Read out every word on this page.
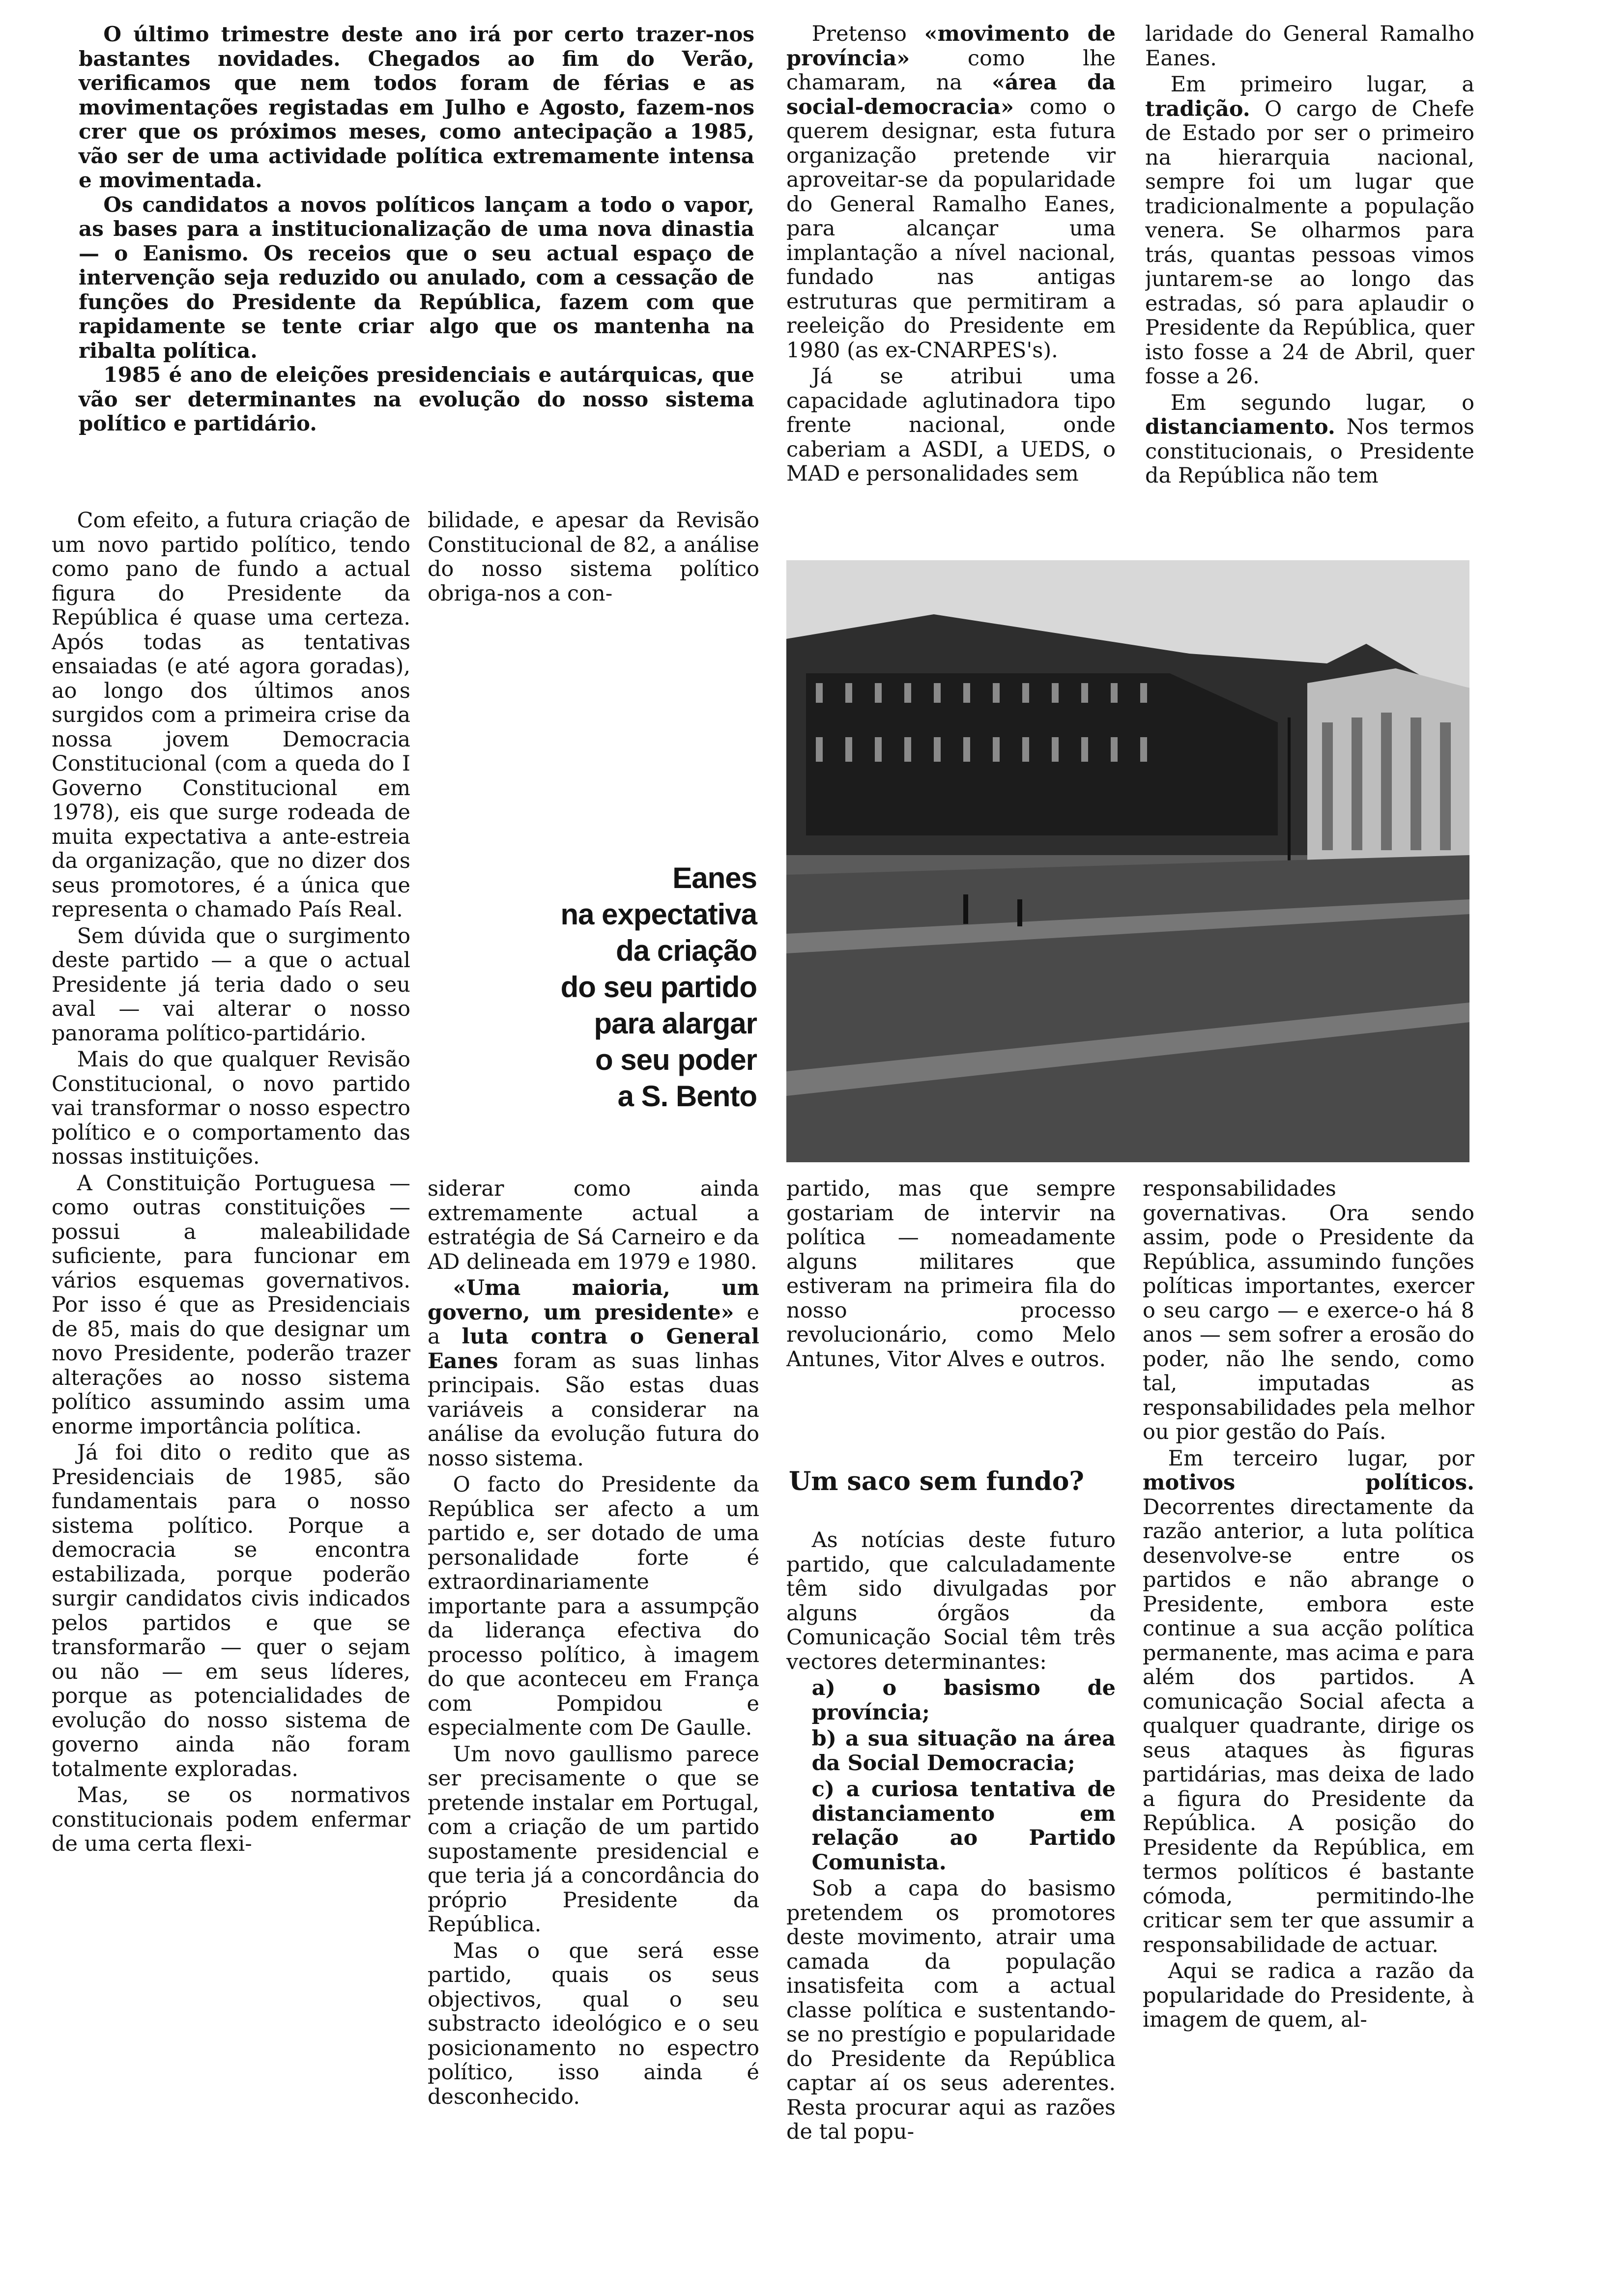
O último trimestre deste ano irá por certo trazer-nos bastantes novidades. Chegados ao fim do Verão, verificamos que nem todos foram de férias e as movimentações registadas em Julho e Agosto, fazem-nos crer que os próximos meses, como antecipação a 1985, vão ser de uma actividade política extremamente intensa e movimentada.

Os candidatos a novos políticos lançam a todo o vapor, as bases para a institucionalização de uma nova dinastia — o Eanismo. Os receios que o seu actual espaço de intervenção seja reduzido ou anulado, com a cessação de funções do Presidente da República, fazem com que rapidamente se tente criar algo que os mantenha na ribalta política.

1985 é ano de eleições presidenciais e autárquicas, que vão ser determinantes na evolução do nosso sistema político e partidário.

Eanes
na expectativa
da criação
do seu partido
para alargar
o seu poder
a S. Bento

Com efeito, a futura criação de um novo partido político, tendo como pano de fundo a actual figura do Presidente da República é quase uma certeza. Após todas as tentativas ensaiadas (e até agora goradas), ao longo dos últimos anos surgidos com a primeira crise da nossa jovem Democracia Constitucional (com a queda do I Governo Constitucional em 1978), eis que surge rodeada de muita expectativa a ante-estreia da organização, que no dizer dos seus promotores, é a única que representa o chamado País Real.

Sem dúvida que o surgimento deste partido — a que o actual Presidente já teria dado o seu aval — vai alterar o nosso panorama político-partidário.

Mais do que qualquer Revisão Constitucional, o novo partido vai transformar o nosso espectro político e o comportamento das nossas instituições.

A Constituição Portuguesa — como outras constituições — possui a maleabilidade suficiente, para funcionar em vários esquemas governativos. Por isso é que as Presidenciais de 85, mais do que designar um novo Presidente, poderão trazer alterações ao nosso sistema político assumindo assim uma enorme importância política.

Já foi dito o redito que as Presidenciais de 1985, são fundamentais para o nosso sistema político. Porque a democracia se encontra estabilizada, porque poderão surgir candidatos civis indicados pelos partidos e que se transformarão — quer o sejam ou não — em seus líderes, porque as potencialidades de evolução do nosso sistema de governo ainda não foram totalmente exploradas.

Mas, se os normativos constitucionais podem enfermar de uma certa flexi-

bilidade, e apesar da Revisão Constitucional de 82, a análise do nosso sistema político obriga-nos a con-

siderar como ainda extremamente actual a estratégia de Sá Carneiro e da AD delineada em 1979 e 1980.

«Uma maioria, um governo, um presidente» e a luta contra o General Eanes foram as suas linhas principais. São estas duas variáveis a considerar na análise da evolução futura do nosso sistema.

O facto do Presidente da República ser afecto a um partido e, ser dotado de uma personalidade forte é extraordinariamente importante para a assumpção da liderança efectiva do processo político, à imagem do que aconteceu em França com Pompidou e especialmente com De Gaulle.

Um novo gaullismo parece ser precisamente o que se pretende instalar em Portugal, com a criação de um partido supostamente presidencial e que teria já a concordância do próprio Presidente da República.

Mas o que será esse partido, quais os seus objectivos, qual o seu substracto ideológico e o seu posicionamento no espectro político, isso ainda é desconhecido.

Pretenso «movimento de província» como lhe chamaram, na «área da social-democracia» como o querem designar, esta futura organização pretende vir aproveitar-se da popularidade do General Ramalho Eanes, para alcançar uma implantação a nível nacional, fundado nas antigas estruturas que permitiram a reeleição do Presidente em 1980 (as ex-CNARPES's).

Já se atribui uma capacidade aglutinadora tipo frente nacional, onde caberiam a ASDI, a UEDS, o MAD e personalidades sem

laridade do General Ramalho Eanes.

Em primeiro lugar, a tradição. O cargo de Chefe de Estado por ser o primeiro na hierarquia nacional, sempre foi um lugar que tradicionalmente a população venera. Se olharmos para trás, quantas pessoas vimos juntarem-se ao longo das estradas, só para aplaudir o Presidente da República, quer isto fosse a 24 de Abril, quer fosse a 26.

Em segundo lugar, o distanciamento. Nos termos constitucionais, o Presidente da República não tem

partido, mas que sempre gostariam de intervir na política — nomeadamente alguns militares que estiveram na primeira fila do nosso processo revolucionário, como Melo Antunes, Vitor Alves e outros.

Um saco sem fundo?

As notícias deste futuro partido, que calculadamente têm sido divulgadas por alguns órgãos da Comunicação Social têm três vectores determinantes:

a) o basismo de província;

b) a sua situação na área da Social Democracia;

c) a curiosa tentativa de distanciamento em relação ao Partido Comunista.

Sob a capa do basismo pretendem os promotores deste movimento, atrair uma camada da população insatisfeita com a actual classe política e sustentando-se no prestígio e popularidade do Presidente da República captar aí os seus aderentes. Resta procurar aqui as razões de tal popu-

responsabilidades governativas. Ora sendo assim, pode o Presidente da República, assumindo funções políticas importantes, exercer o seu cargo — e exerce-o há 8 anos — sem sofrer a erosão do poder, não lhe sendo, como tal, imputadas as responsabilidades pela melhor ou pior gestão do País.

Em terceiro lugar, por motivos políticos. Decorrentes directamente da razão anterior, a luta política desenvolve-se entre os partidos e não abrange o Presidente, embora este continue a sua acção política permanente, mas acima e para além dos partidos. A comunicação Social afecta a qualquer quadrante, dirige os seus ataques às figuras partidárias, mas deixa de lado a figura do Presidente da República. A posição do Presidente da República, em termos políticos é bastante cómoda, permitindo-lhe criticar sem ter que assumir a responsabilidade de actuar.

Aqui se radica a razão da popularidade do Presidente, à imagem de quem, al-
